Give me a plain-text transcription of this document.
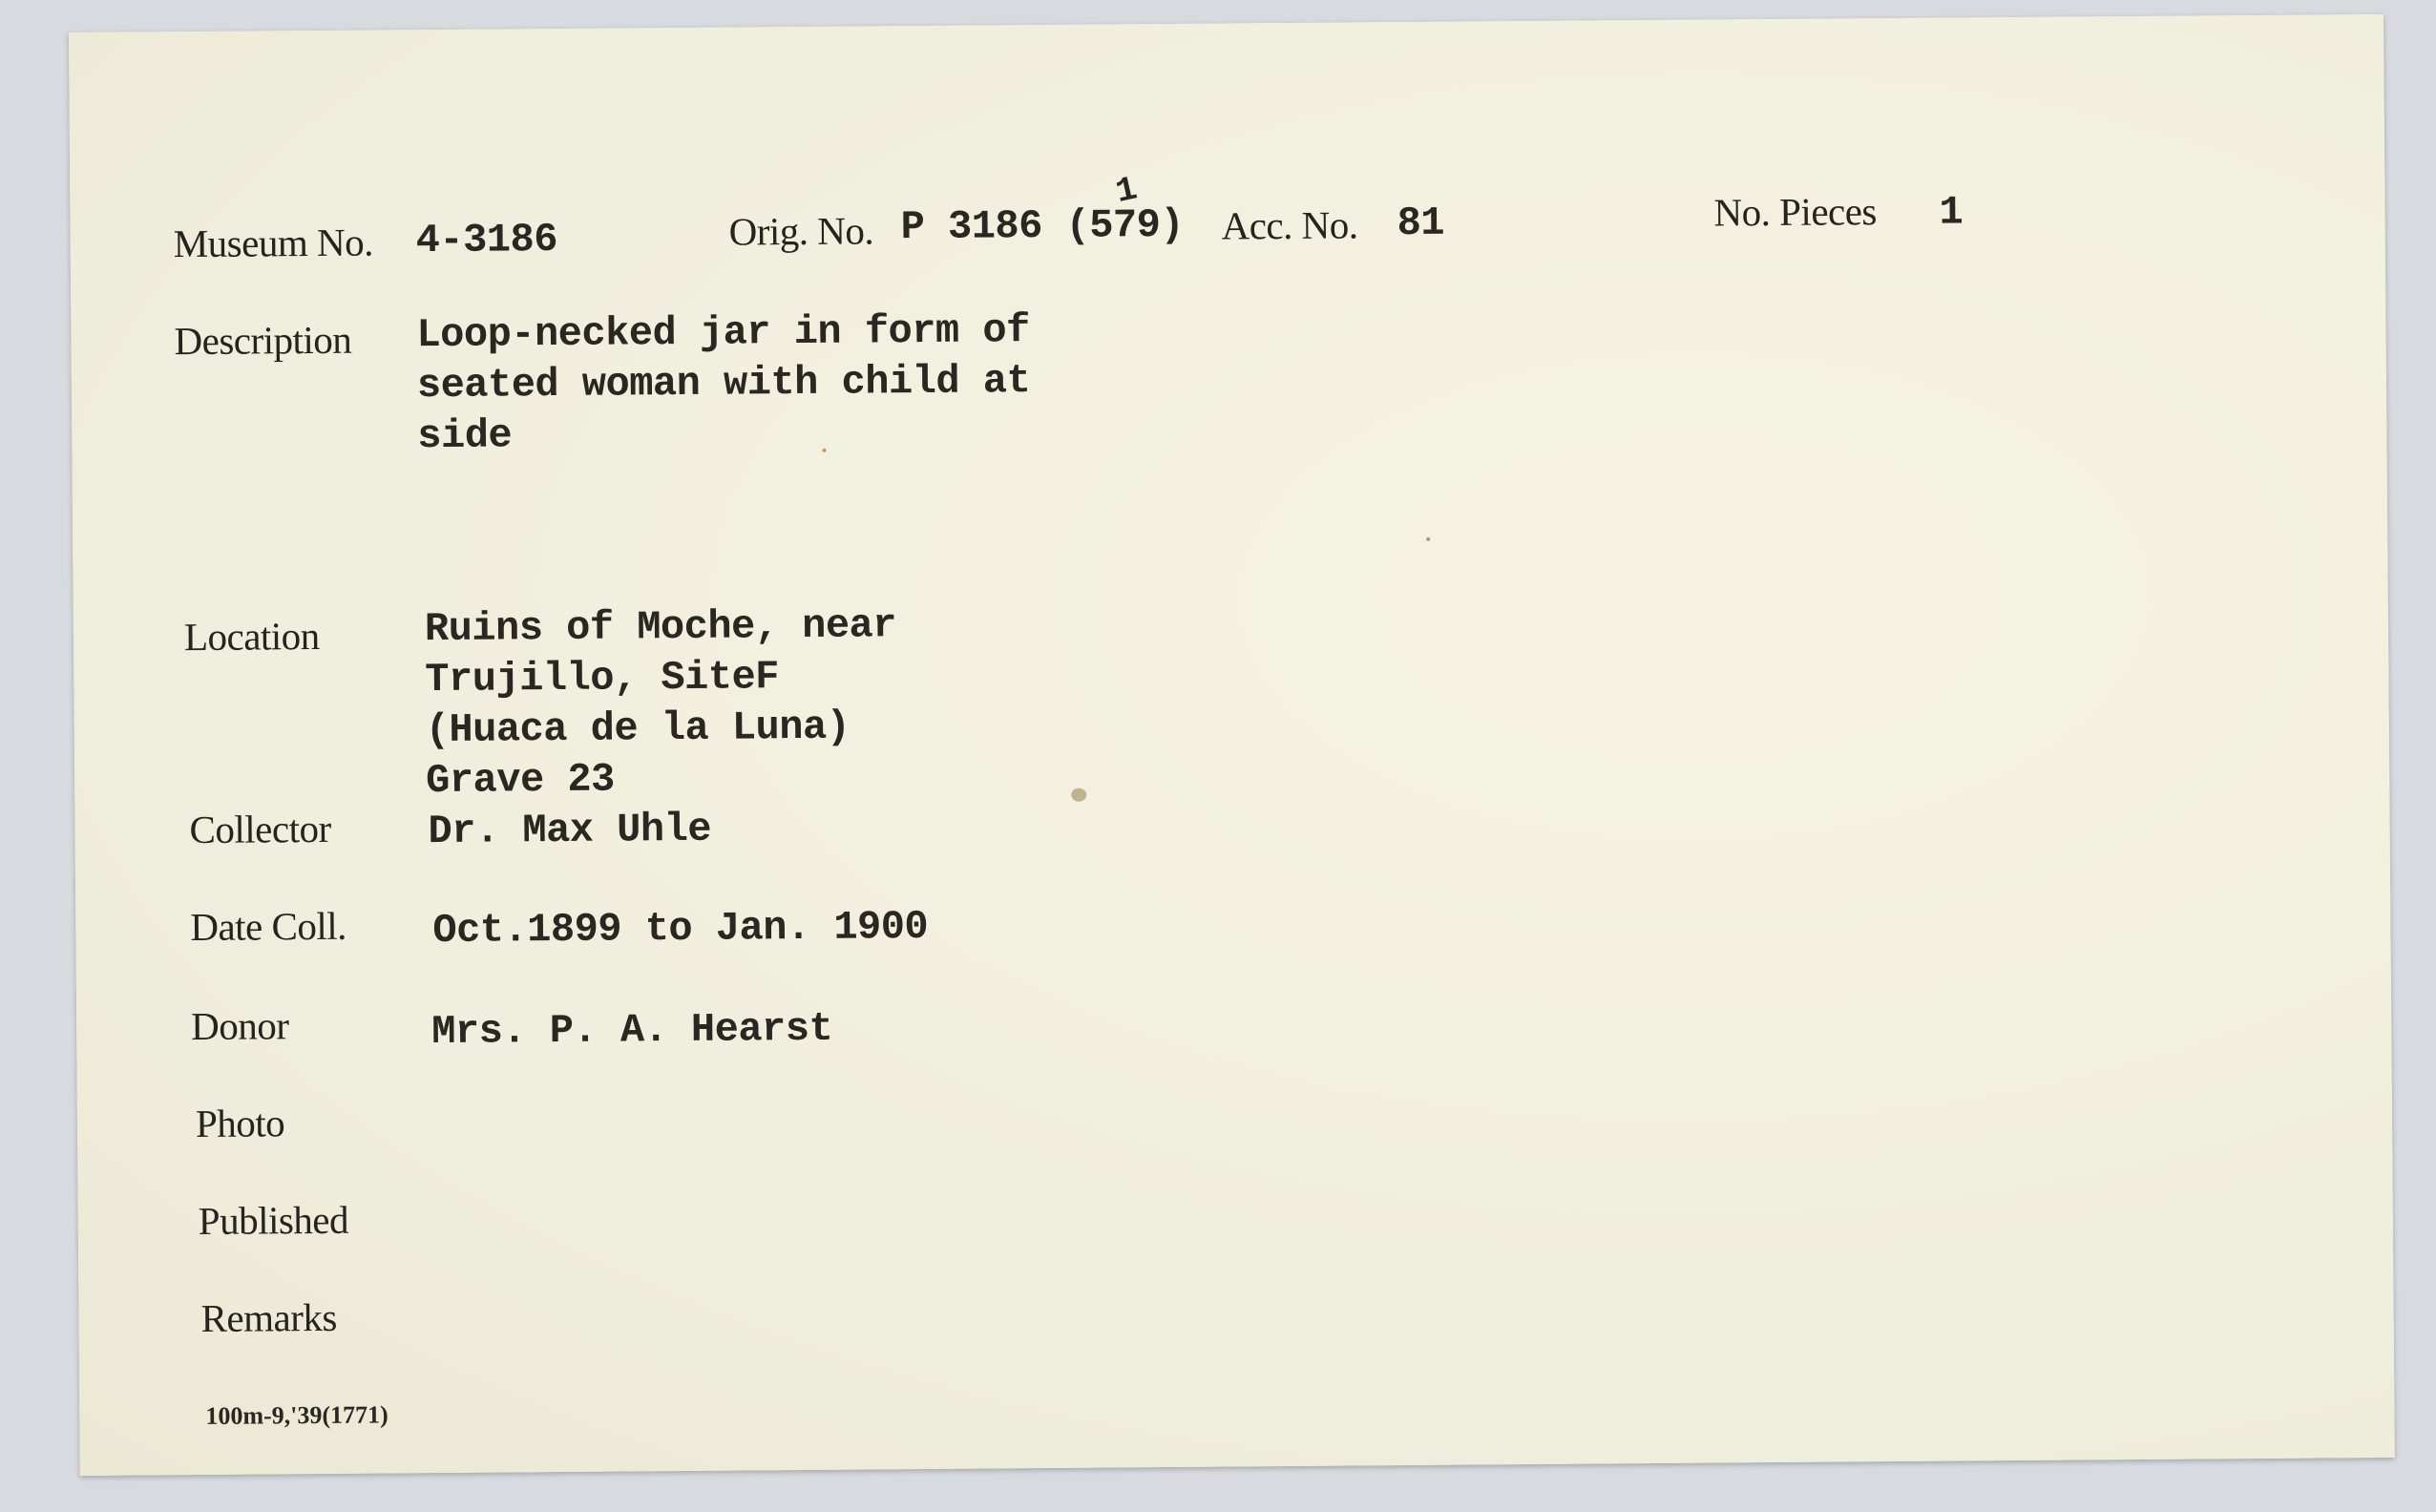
Museum No. 4-3186	Orig. No. P 3186 (579)
1
Acc. No. 81	No. Pieces 1
Description Loop-necked jar in form of
seated woman with child at
side
Location	Ruins of Moche, near
Trujillo, SiteF
(Huaca de la Luna)
Grave 23
Collector Dr. Max Uhle
Date Coll. Oct.1899 to Jan. 1900
Donor	Mrs. P. A. Hearst
Photo
Published
Remarks
100m-9,'39(1771)
